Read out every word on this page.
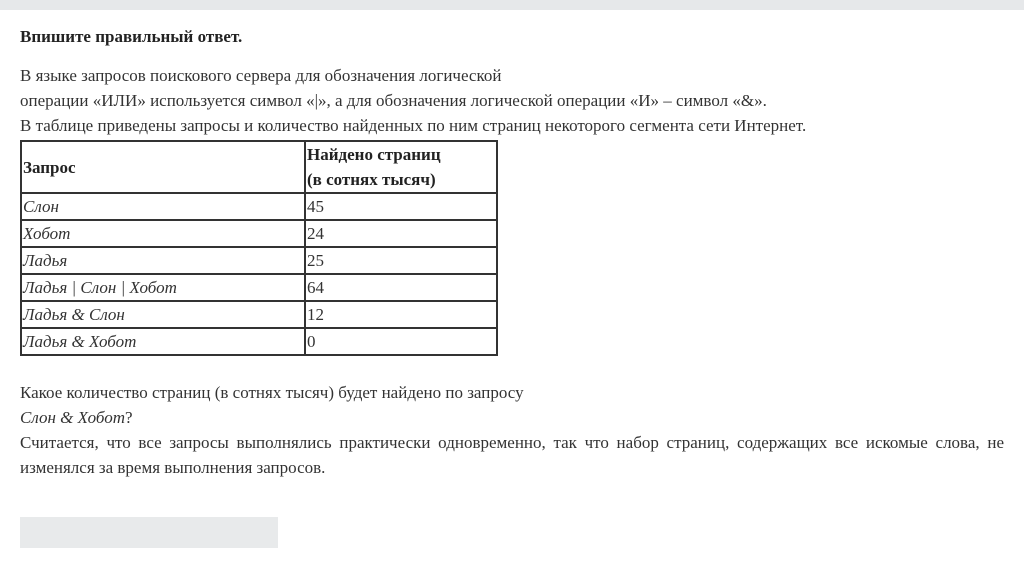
Впишите правильный ответ.

В языке запросов поискового сервера для обозначения логической

операции «ИЛИ» используется символ «|», а для обозначения логической операции «И» – символ «&».

В таблице приведены запросы и количество найденных по ним страниц некоторого сегмента сети Интернет.

Запрос	Найдено страниц
(в сотнях тысяч)
Слон	45
Хобот	24
Ладья	25
Ладья | Слон | Хобот	64
Ладья & Слон	12
Ладья & Хобот	0

Какое количество страниц (в сотнях тысяч) будет найдено по запросу

Слон & Хобот?

Считается, что все запросы выполнялись практически одновременно, так что набор страниц, содержащих все искомые слова, не изменялся за время выполнения запросов.
